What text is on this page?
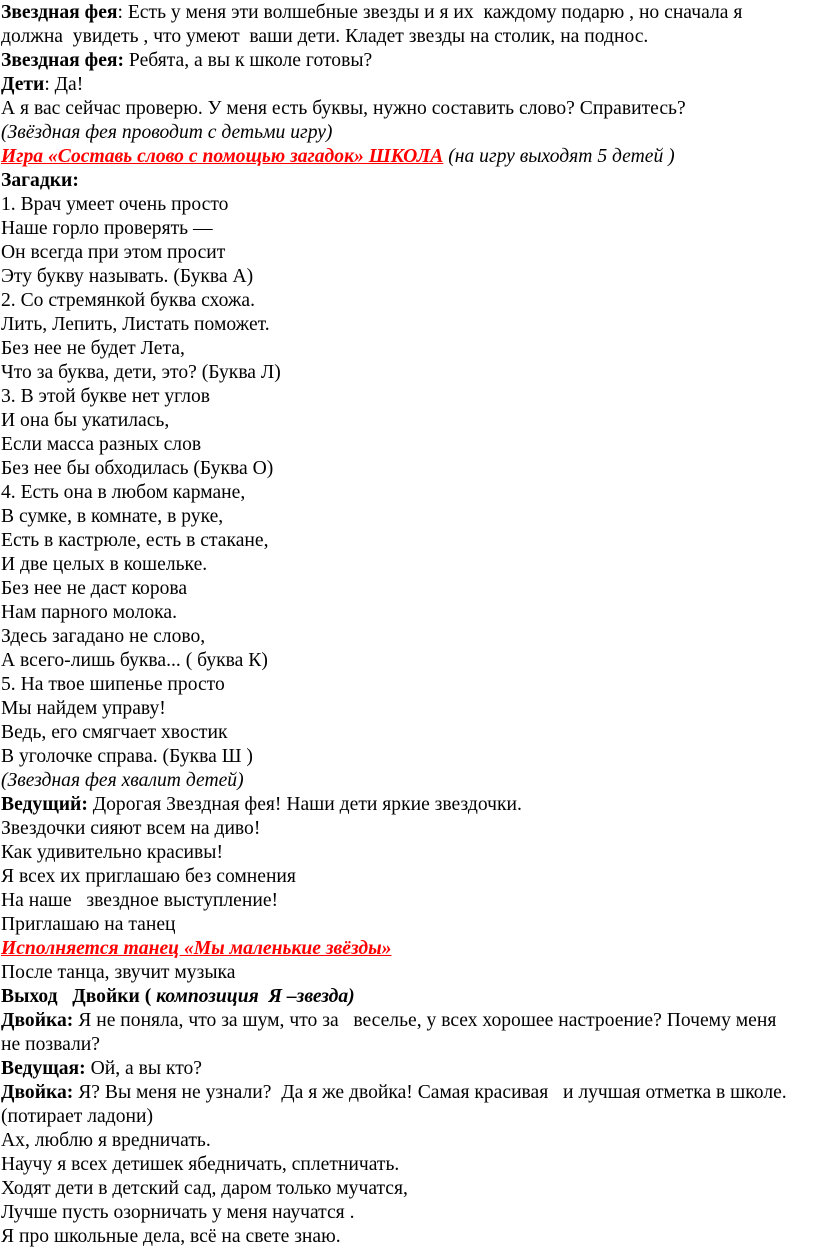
Звездная фея: Есть у меня эти волшебные звезды и я их  каждому подарю , но сначала я должна  увидеть , что умеют  ваши дети. Кладет звезды на столик, на поднос.

Звездная фея: Ребята, а вы к школе готовы?

Дети: Да!

А я вас сейчас проверю. У меня есть буквы, нужно составить слово? Справитесь?

(Звёздная фея проводит с детьми игру)

Игра «Составь слово с помощью загадок» ШКОЛА (на игру выходят 5 детей )

Загадки:

1. Врач умеет очень просто

Наше горло проверять —

Он всегда при этом просит

Эту букву называть. (Буква А)

2. Со стремянкой буква схожа.

Лить, Лепить, Листать поможет.

Без нее не будет Лета,

Что за буква, дети, это? (Буква Л)

3. В этой букве нет углов

И она бы укатилась,

Если масса разных слов

Без нее бы обходилась (Буква О)

4. Есть она в любом кармане,

В сумке, в комнате, в руке,

Есть в кастрюле, есть в стакане,

И две целых в кошельке.

Без нее не даст корова

Нам парного молока.

Здесь загадано не слово,

А всего-лишь буква... ( буква К)

5. На твое шипенье просто

Мы найдем управу!

Ведь, его смягчает хвостик

В уголочке справа. (Буква Ш )

(Звездная фея хвалит детей)

Ведущий: Дорогая Звездная фея! Наши дети яркие звездочки.

Звездочки сияют всем на диво!

Как удивительно красивы!

Я всех их приглашаю без сомнения

На наше   звездное выступление!

Приглашаю на танец

Исполняется танец «Мы маленькие звёзды»

После танца, звучит музыка

Выход   Двойки ( композиция  Я –звезда)

Двойка: Я не поняла, что за шум, что за   веселье, у всех хорошее настроение? Почему меня не позвали?

Ведущая: Ой, а вы кто?

Двойка: Я? Вы меня не узнали?  Да я же двойка! Самая красивая   и лучшая отметка в школе.(потирает ладони)

Ах, люблю я вредничать.

Научу я всех детишек ябедничать, сплетничать.

Ходят дети в детский сад, даром только мучатся,

Лучше пусть озорничать у меня научатся .

Я про школьные дела, всё на свете знаю.
